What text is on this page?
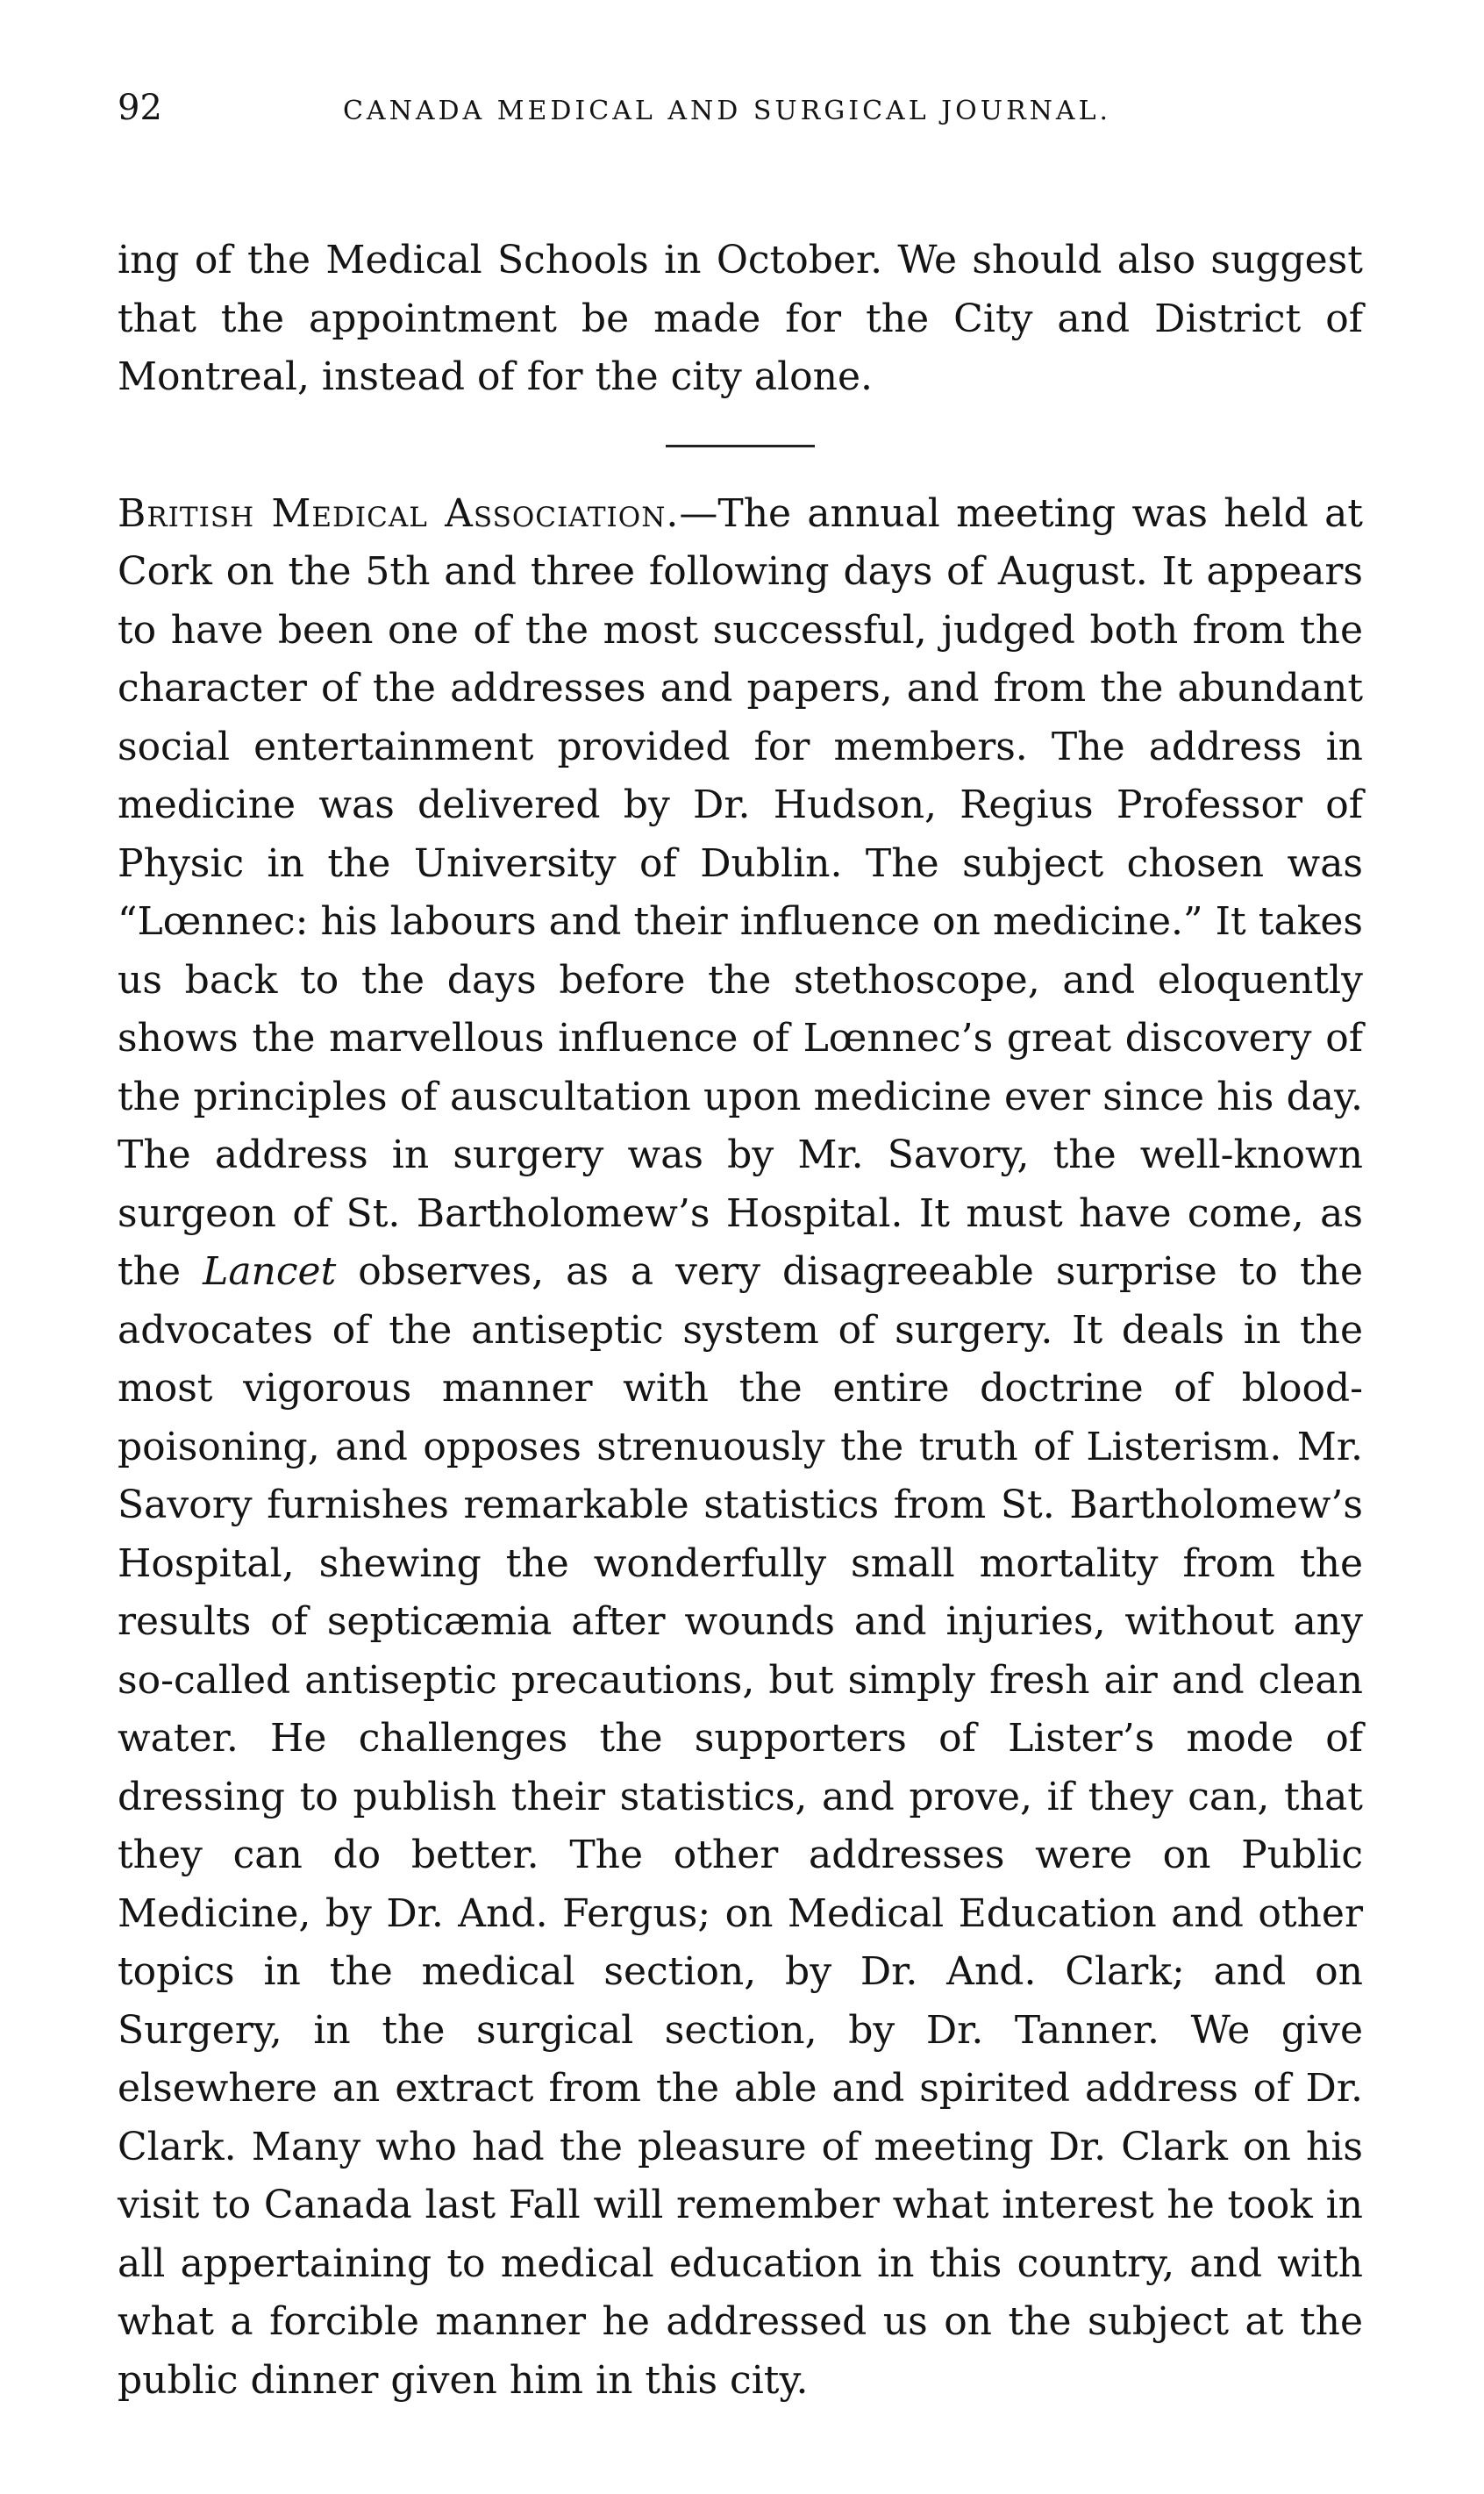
92	CANADA MEDICAL AND SURGICAL JOURNAL.

ing of the Medical Schools in October. We should also suggest that the appointment be made for the City and District of Montreal, instead of for the city alone.

British Medical Association.—The annual meeting was held at Cork on the 5th and three following days of August. It appears to have been one of the most successful, judged both from the character of the addresses and papers, and from the abundant social entertainment provided for members. The address in medicine was delivered by Dr. Hudson, Regius Professor of Physic in the University of Dublin. The subject chosen was “Lœnnec: his labours and their influence on medicine.” It takes us back to the days before the stethoscope, and eloquently shows the marvellous influence of Lœnnec’s great discovery of the principles of auscultation upon medicine ever since his day. The address in surgery was by Mr. Savory, the well-known surgeon of St. Bartholomew’s Hospital. It must have come, as the Lancet observes, as a very disagreeable surprise to the advocates of the antiseptic system of surgery. It deals in the most vigorous manner with the entire doctrine of blood-poisoning, and opposes strenuously the truth of Listerism. Mr. Savory furnishes remarkable statistics from St. Bartholomew’s Hospital, shewing the wonderfully small mortality from the results of septicæmia after wounds and injuries, without any so-called antiseptic precautions, but simply fresh air and clean water. He challenges the supporters of Lister’s mode of dressing to publish their statistics, and prove, if they can, that they can do better. The other addresses were on Public Medicine, by Dr. And. Fergus; on Medical Education and other topics in the medical section, by Dr. And. Clark; and on Surgery, in the surgical section, by Dr. Tanner. We give elsewhere an extract from the able and spirited address of Dr. Clark. Many who had the pleasure of meeting Dr. Clark on his visit to Canada last Fall will remember what interest he took in all appertaining to medical education in this country, and with what a forcible manner he addressed us on the subject at the public dinner given him in this city.
